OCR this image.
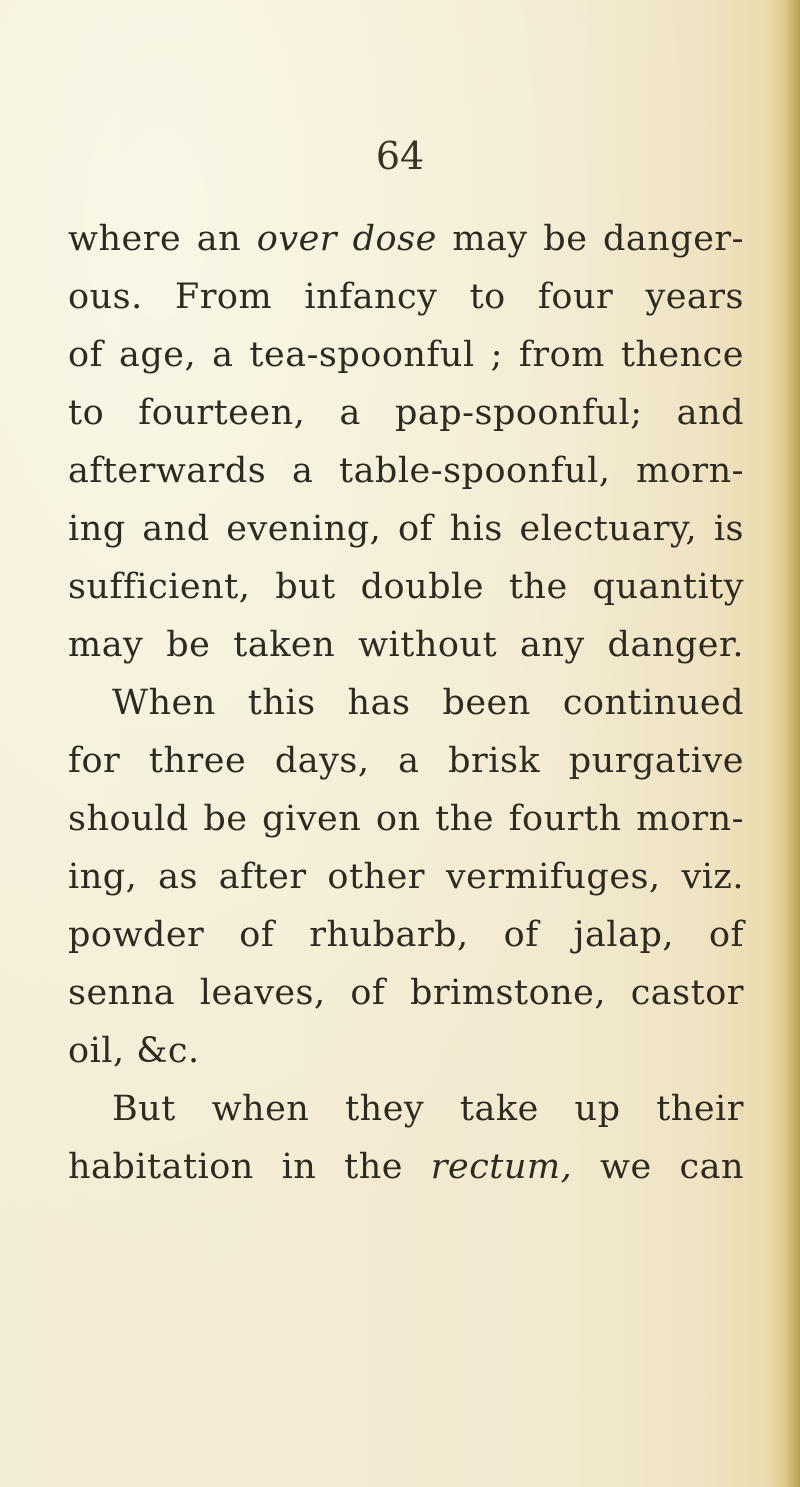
64

where an over dose may be danger-
ous. From infancy to four years
of age, a tea-spoonful ; from thence
to fourteen, a pap-spoonful; and
afterwards a table-spoonful, morn-
ing and evening, of his electuary, is
sufficient, but double the quantity
may be taken without any danger.
When this has been continued
for three days, a brisk purgative
should be given on the fourth morn-
ing, as after other vermifuges, viz.
powder of rhubarb, of jalap, of
senna leaves, of brimstone, castor
oil, &c.
But when they take up their
habitation in the rectum, we can
